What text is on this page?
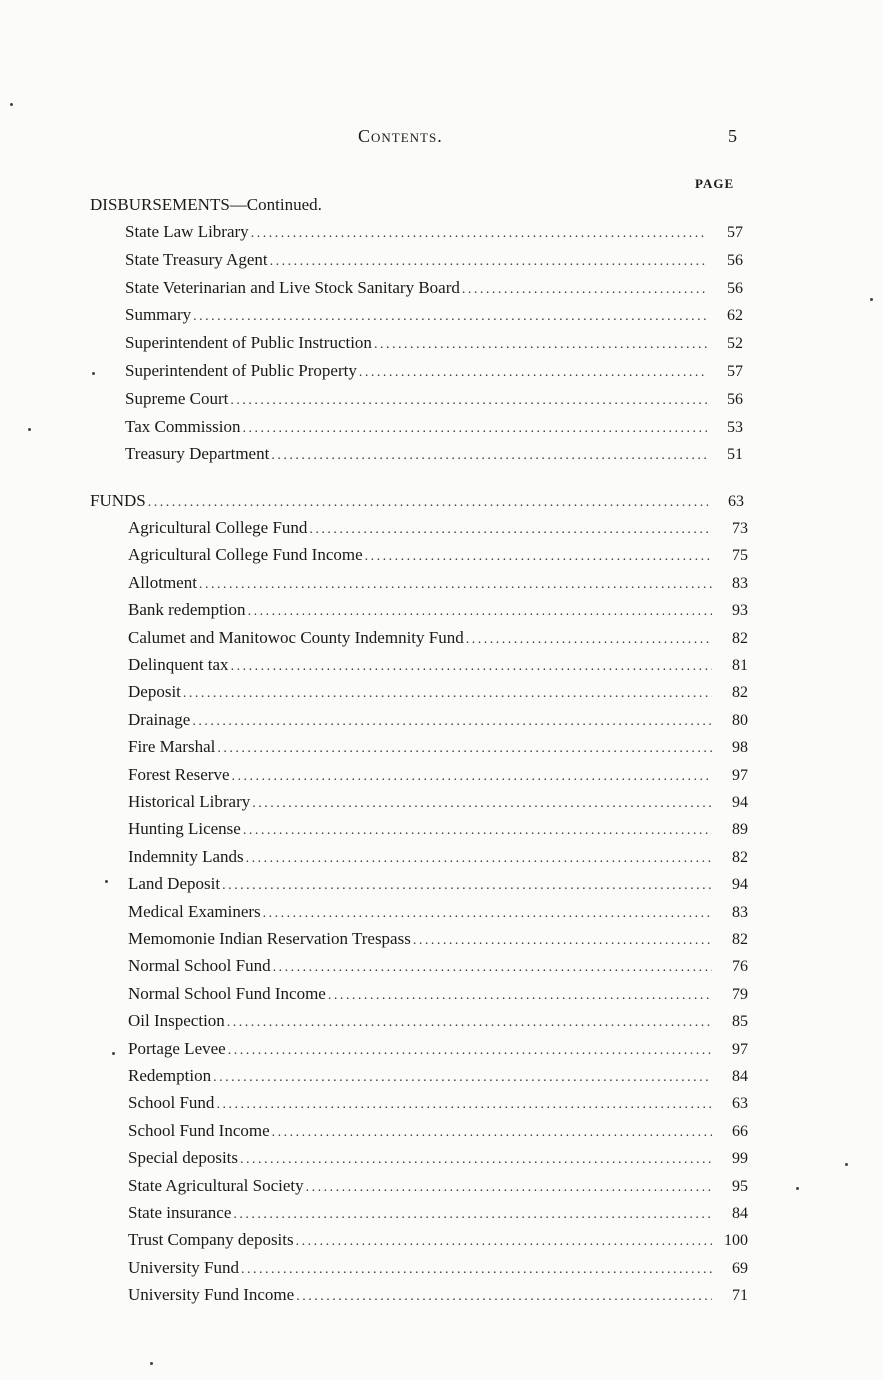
Contents.	5
PAGE
DISBURSEMENTS—Continued.
State Law Library .....	57
State Treasury Agent .....	56
State Veterinarian and Live Stock Sanitary Board .....	56
Summary .....	62
Superintendent of Public Instruction .....	52
Superintendent of Public Property .....	57
Supreme Court .....	56
Tax Commission .....	53
Treasury Department .....	51
FUNDS .....	63
Agricultural College Fund .....	73
Agricultural College Fund Income .....	75
Allotment .....	83
Bank redemption .....	93
Calumet and Manitowoc County Indemnity Fund .....	82
Delinquent tax .....	81
Deposit .....	82
Drainage .....	80
Fire Marshal .....	98
Forest Reserve .....	97
Historical Library .....	94
Hunting License .....	89
Indemnity Lands .....	82
Land Deposit .....	94
Medical Examiners .....	83
Memomonie Indian Reservation Trespass .....	82
Normal School Fund .....	76
Normal School Fund Income .....	79
Oil Inspection .....	85
Portage Levee .....	97
Redemption .....	84
School Fund .....	63
School Fund Income .....	66
Special deposits .....	99
State Agricultural Society .....	95
State insurance .....	84
Trust Company deposits .....	100
University Fund .....	69
University Fund Income .....	71
